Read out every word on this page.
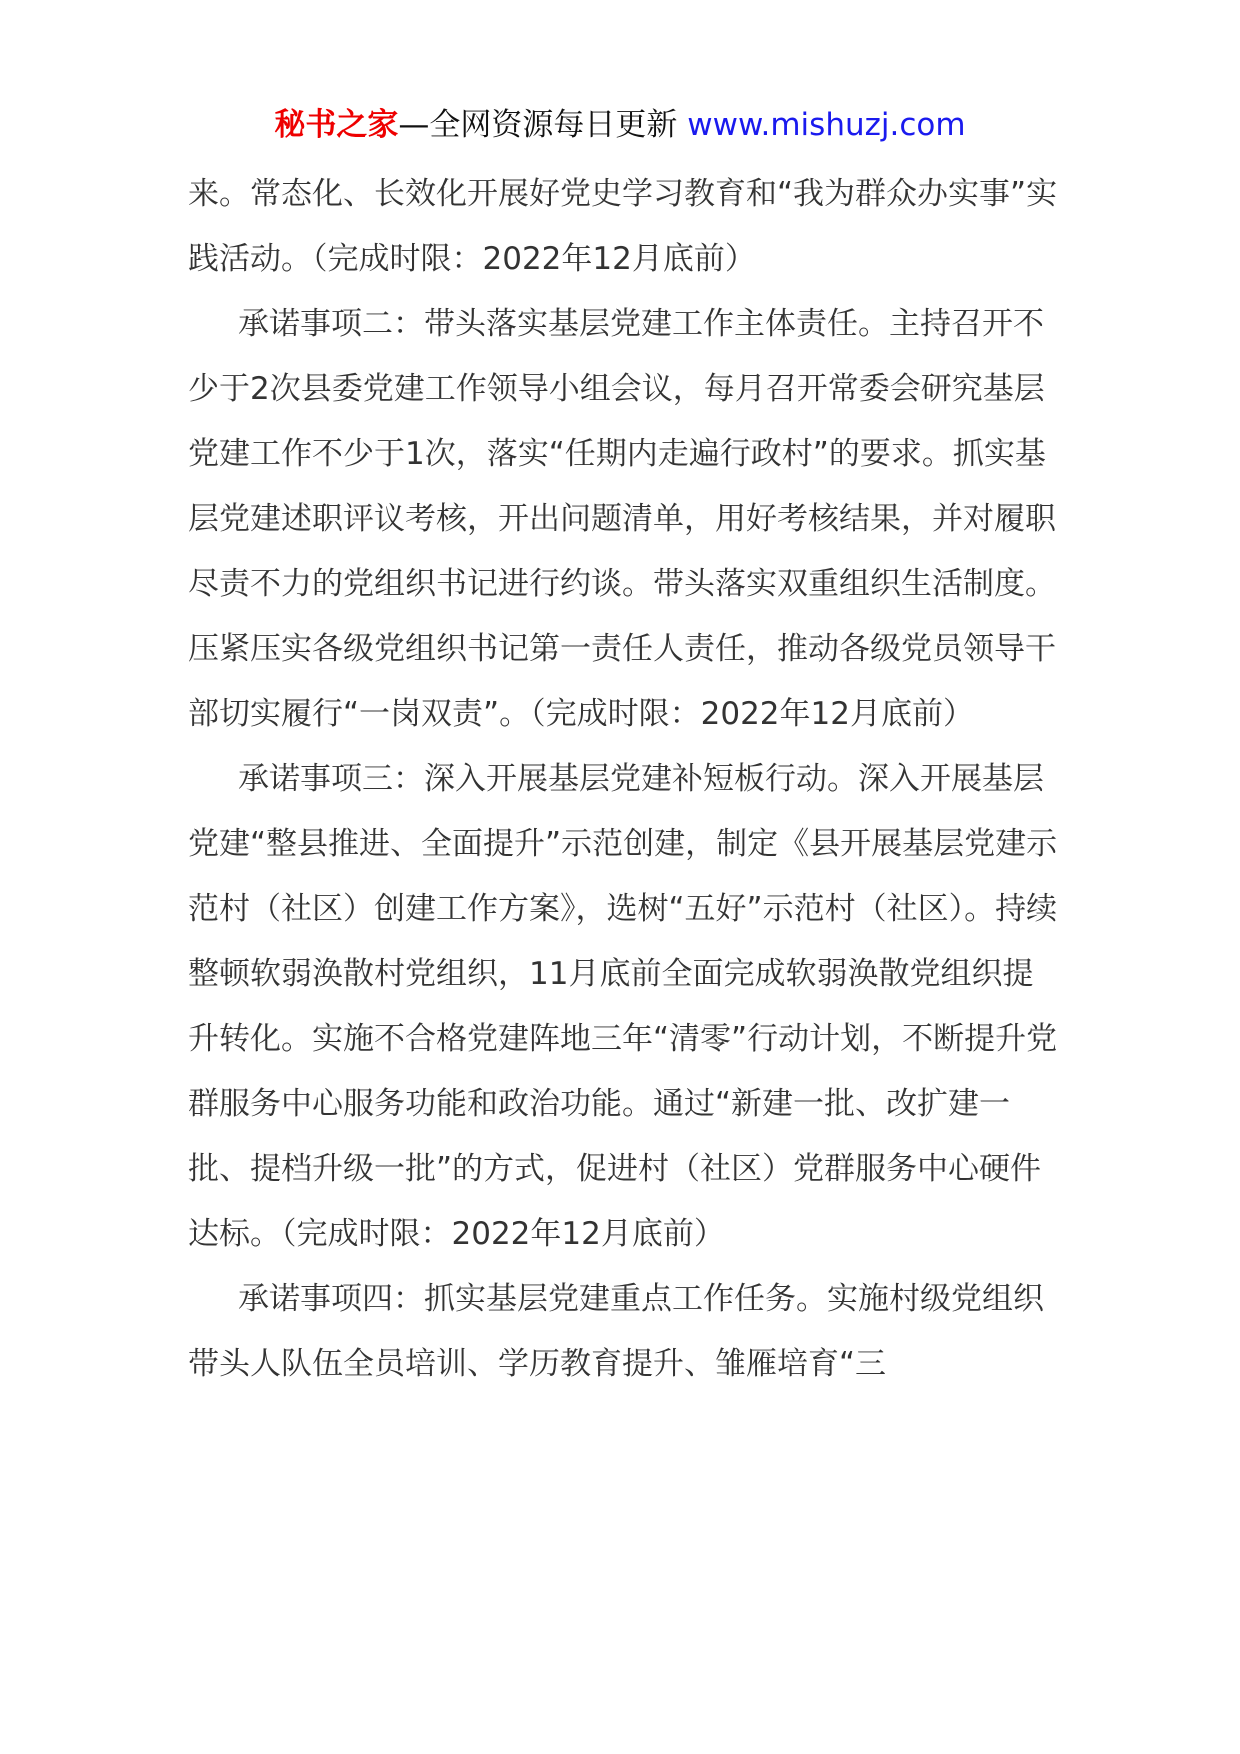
秘书之家—全网资源每日更新 www.mishuzj.com

来。常态化、长效化开展好党史学习教育和“我为群众办实事”实践活动。（完成时限：2022年12月底前）

承诺事项二：带头落实基层党建工作主体责任。主持召开不少于2次县委党建工作领导小组会议，每月召开常委会研究基层党建工作不少于1次，落实“任期内走遍行政村”的要求。抓实基层党建述职评议考核，开出问题清单，用好考核结果，并对履职尽责不力的党组织书记进行约谈。带头落实双重组织生活制度。压紧压实各级党组织书记第一责任人责任，推动各级党员领导干部切实履行“一岗双责”。（完成时限：2022年12月底前）

承诺事项三：深入开展基层党建补短板行动。深入开展基层党建“整县推进、全面提升”示范创建，制定《县开展基层党建示范村（社区）创建工作方案》，选树“五好”示范村（社区）。持续整顿软弱涣散村党组织，11月底前全面完成软弱涣散党组织提升转化。实施不合格党建阵地三年“清零”行动计划，不断提升党群服务中心服务功能和政治功能。通过“新建一批、改扩建一批、提档升级一批”的方式，促进村（社区）党群服务中心硬件达标。（完成时限：2022年12月底前）

承诺事项四：抓实基层党建重点工作任务。实施村级党组织带头人队伍全员培训、学历教育提升、雏雁培育“三
